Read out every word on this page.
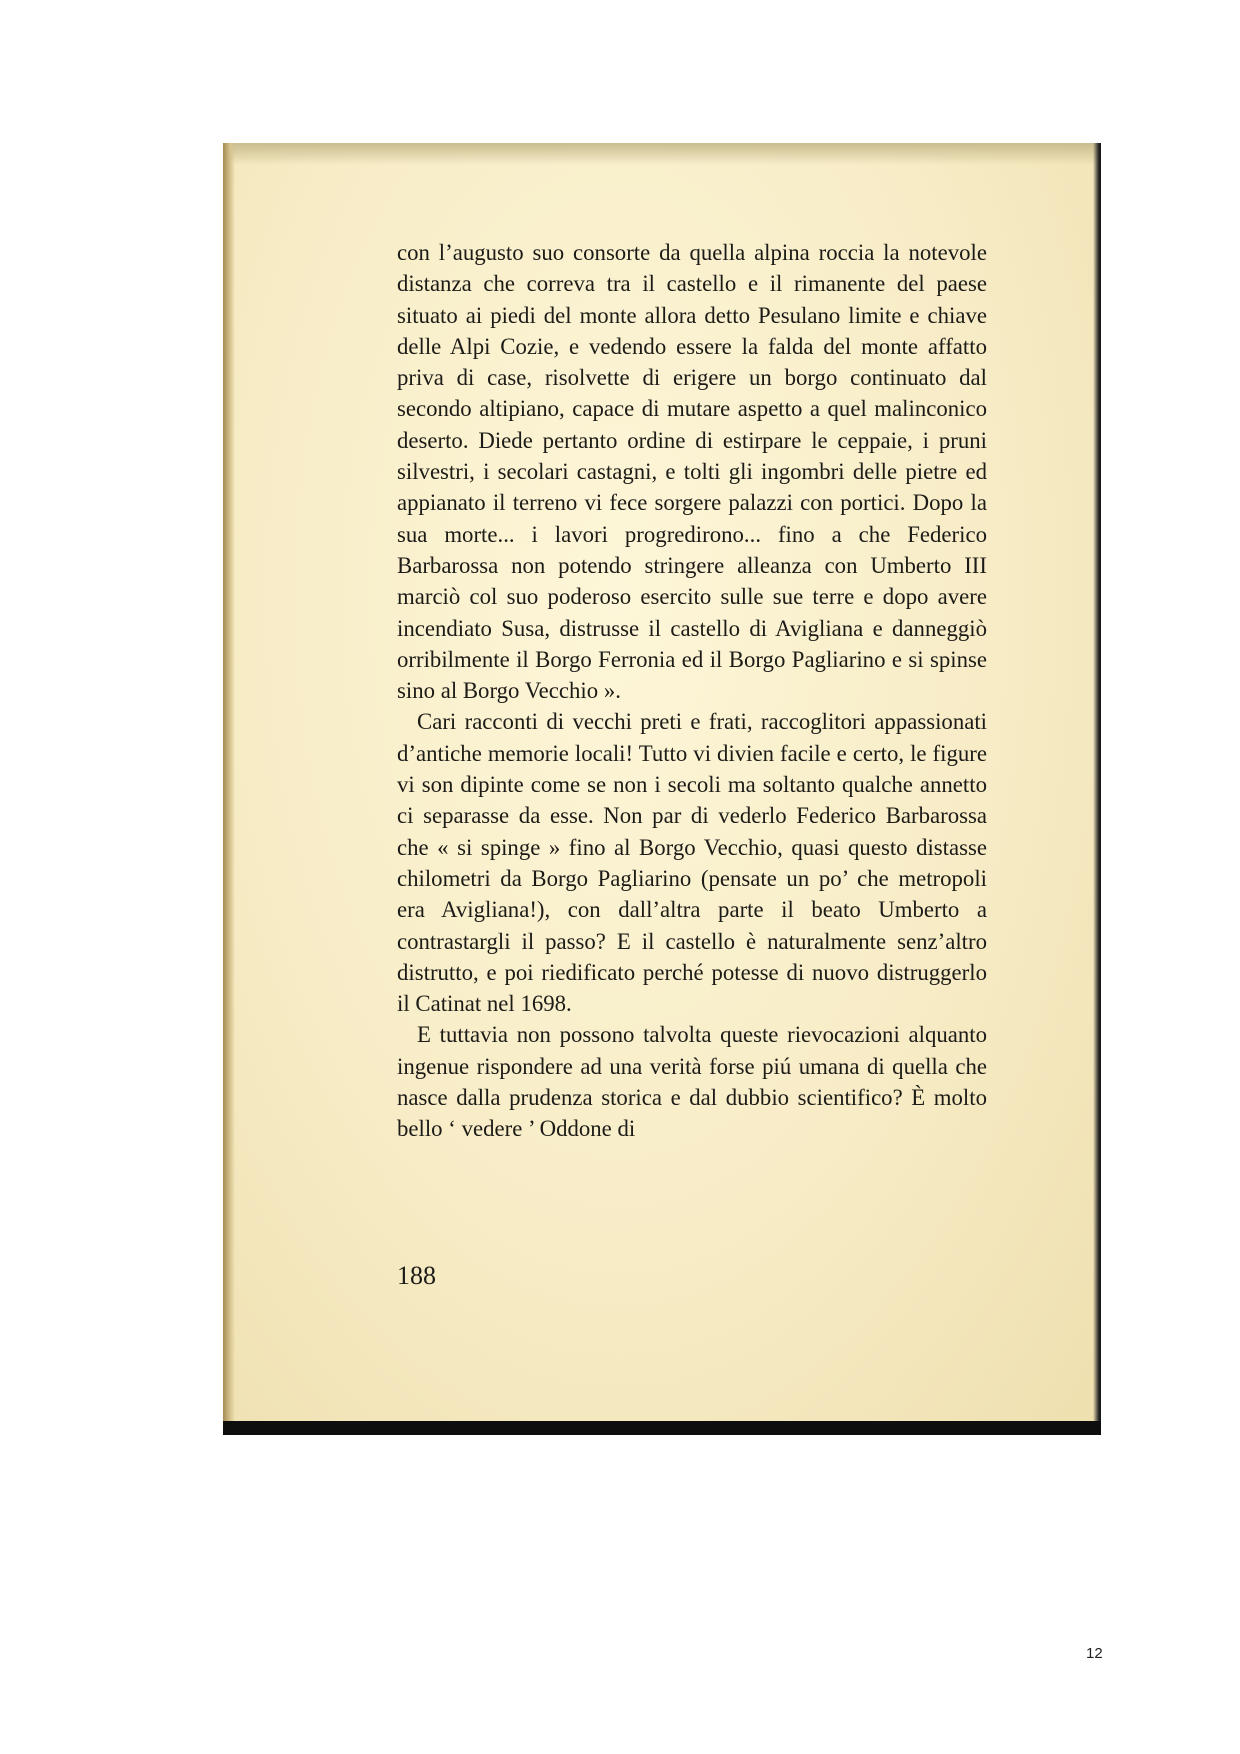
con l’augusto suo consorte da quella alpina roccia la notevole distanza che correva tra il castello e il rimanente del paese situato ai piedi del monte allora detto Pesulano limite e chiave delle Alpi Cozie, e vedendo essere la falda del monte affatto priva di case, risolvette di erigere un borgo continuato dal secondo altipiano, capace di mutare aspetto a quel malinconico deserto. Diede pertanto ordine di estirpare le ceppaie, i pruni silvestri, i secolari castagni, e tolti gli ingombri delle pietre ed appianato il terreno vi fece sorgere palazzi con portici. Dopo la sua morte... i lavori progredirono... fino a che Federico Barbarossa non potendo stringere alleanza con Umberto III marciò col suo poderoso esercito sulle sue terre e dopo avere incendiato Susa, distrusse il castello di Avigliana e danneggiò orribilmente il Borgo Ferronia ed il Borgo Pagliarino e si spinse sino al Borgo Vecchio ».

Cari racconti di vecchi preti e frati, raccoglitori appassionati d’antiche memorie locali! Tutto vi divien facile e certo, le figure vi son dipinte come se non i secoli ma soltanto qualche annetto ci separasse da esse. Non par di vederlo Federico Barbarossa che « si spinge » fino al Borgo Vecchio, quasi questo distasse chilometri da Borgo Pagliarino (pensate un po’ che metropoli era Avigliana!), con dall’altra parte il beato Umberto a contrastargli il passo? E il castello è naturalmente senz’altro distrutto, e poi riedificato perché potesse di nuovo distruggerlo il Catinat nel 1698.

E tuttavia non possono talvolta queste rievocazioni alquanto ingenue rispondere ad una verità forse piú umana di quella che nasce dalla prudenza storica e dal dubbio scientifico? È molto bello ‘ vedere ’ Oddone di

188
12
